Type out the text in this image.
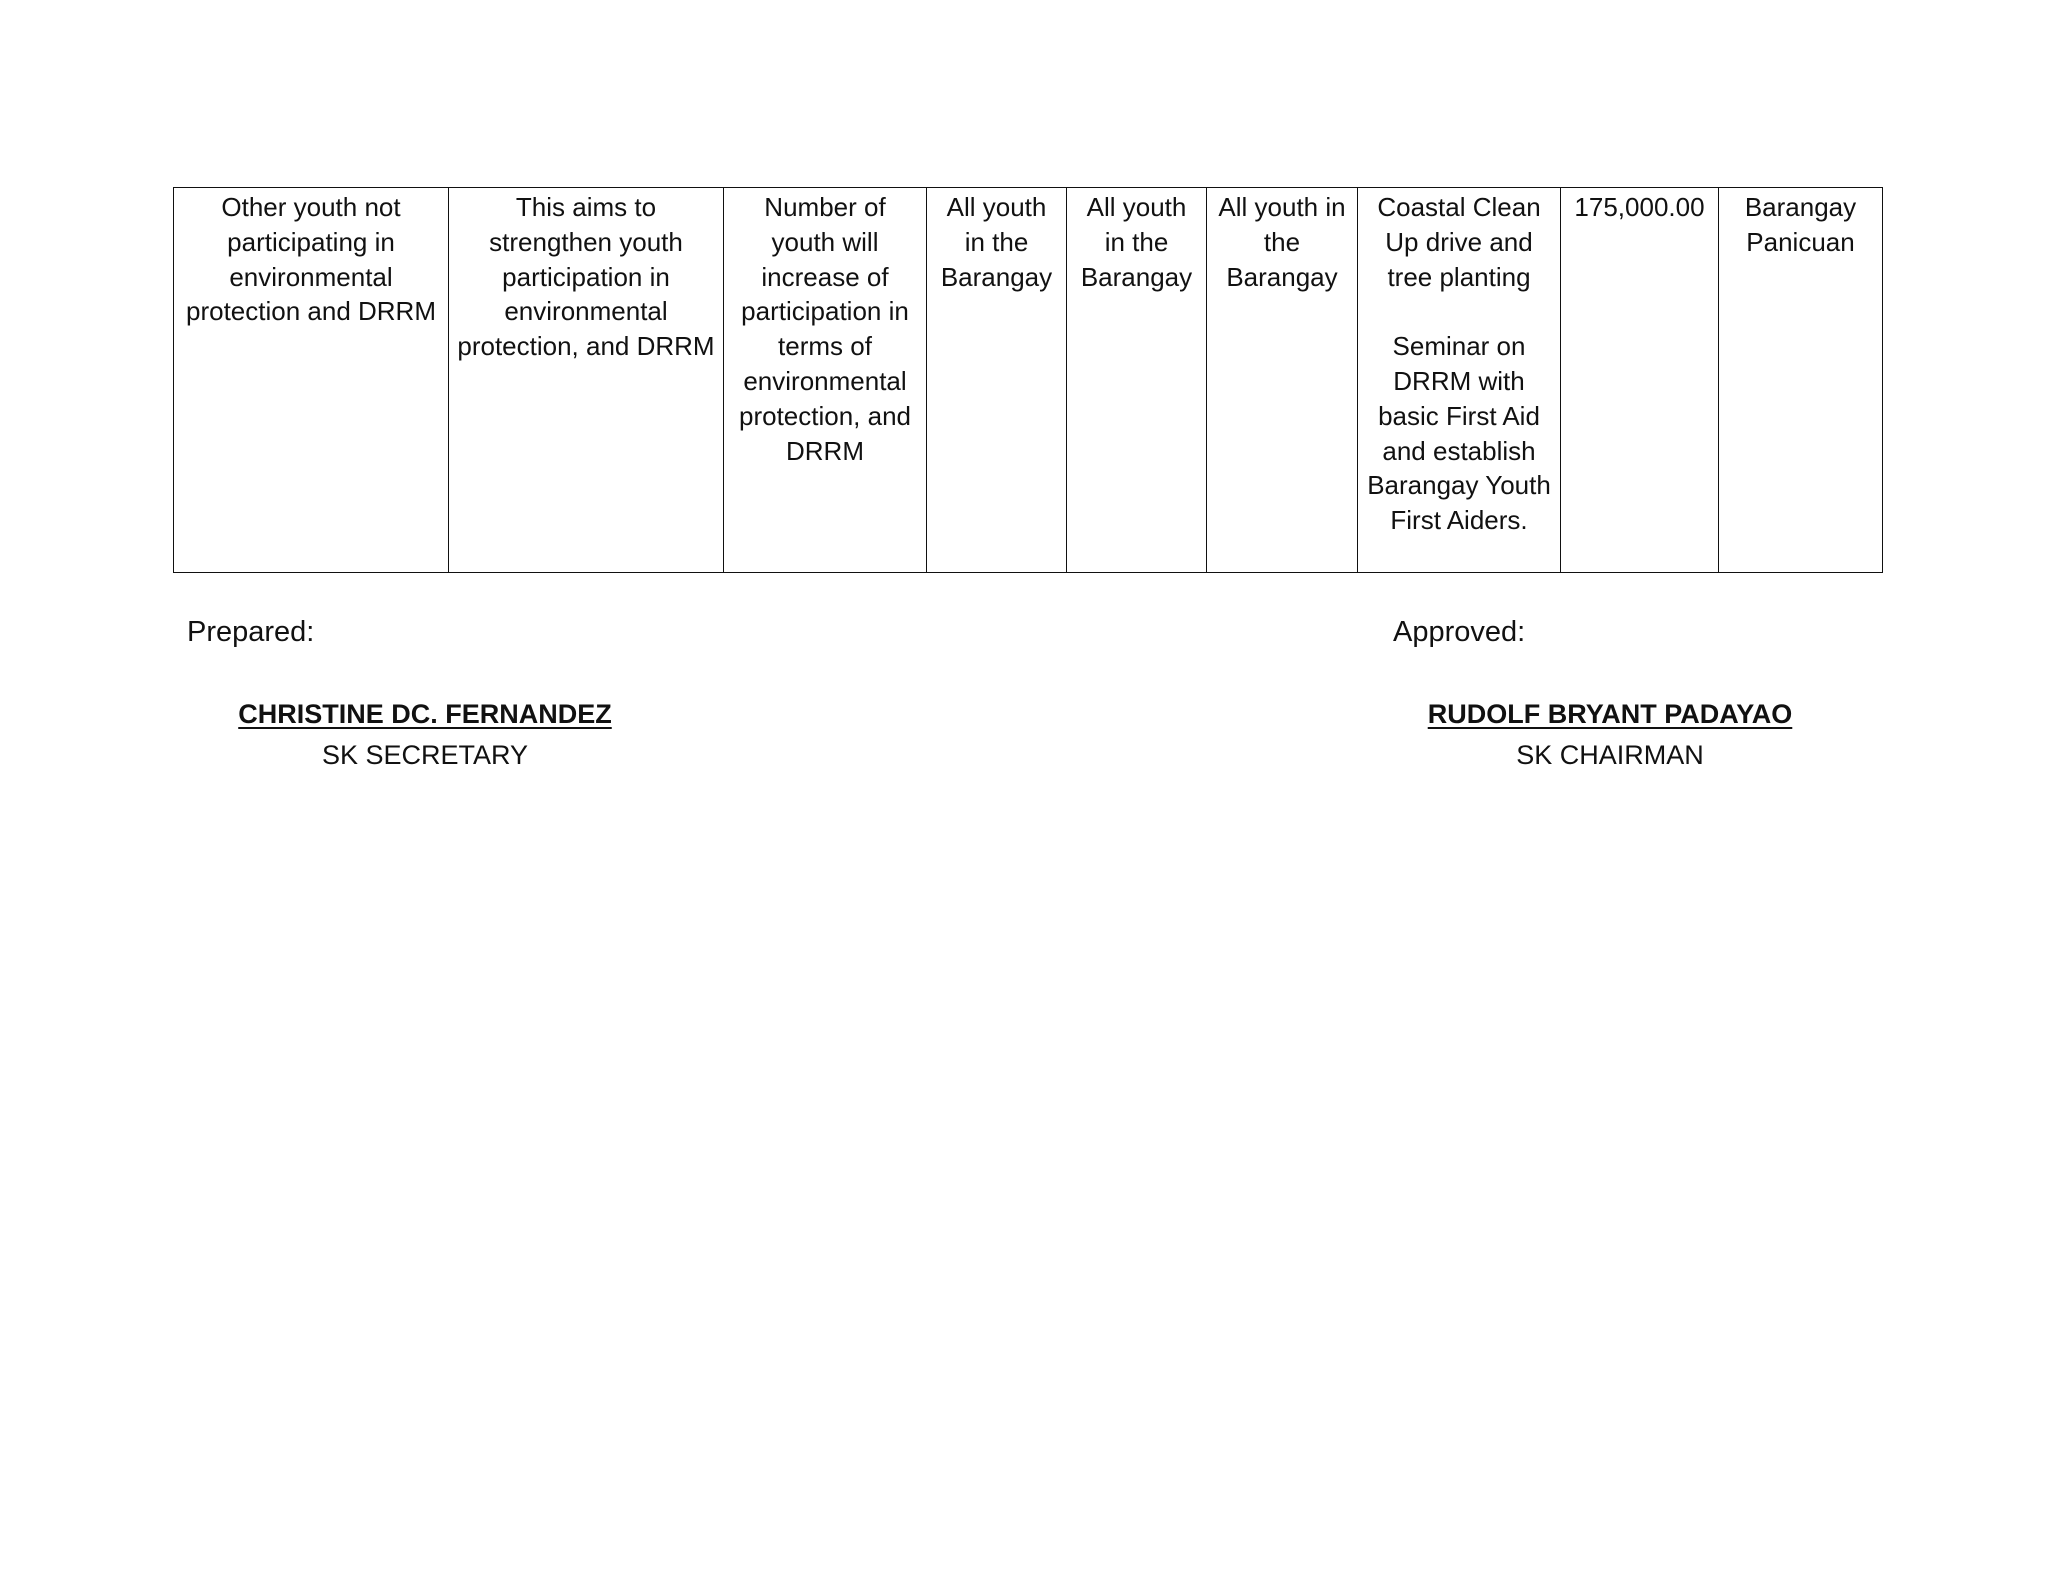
Other youth not participating in environmental protection and DRRM	This aims to strengthen youth participation in environmental protection, and DRRM	Number of youth will increase of participation in terms of environmental protection, and DRRM	All youth in the Barangay	All youth in the Barangay	All youth in the Barangay	Coastal Clean Up drive and tree planting

Seminar on DRRM with basic First Aid and establish Barangay Youth First Aiders.	175,000.00	Barangay Panicuan
Prepared:	Approved:
CHRISTINE DC. FERNANDEZ
SK SECRETARY
RUDOLF BRYANT PADAYAO
SK CHAIRMAN
